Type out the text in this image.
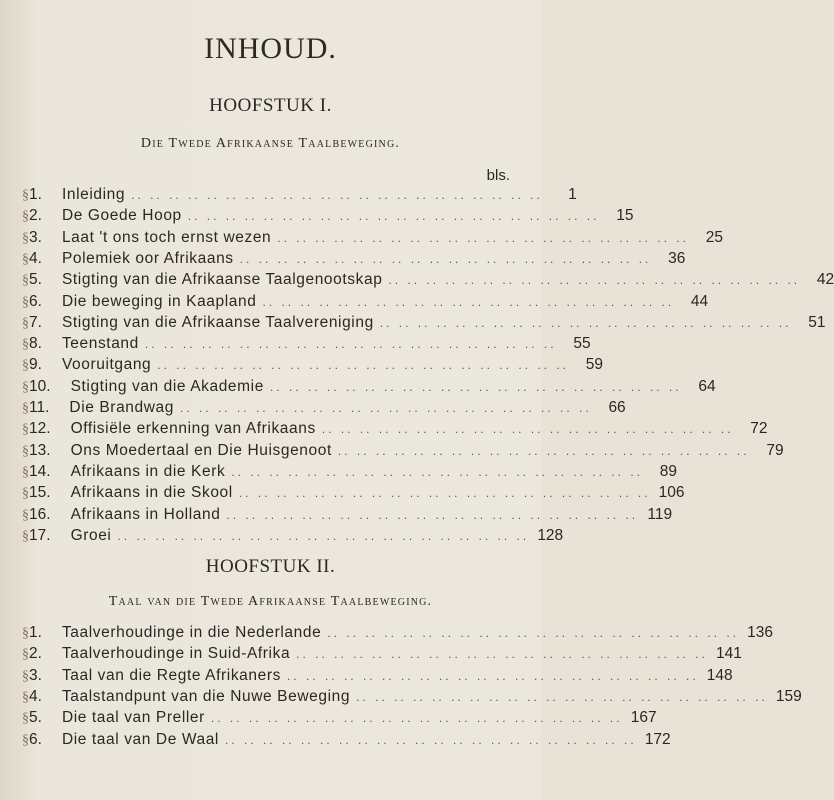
INHOUD.
HOOFSTUK I.
Die Twede Afrikaanse Taalbeweging.
bls.
§ 1.	Inleiding .. .. .. .. .. .. .. .. .. .. .. .. .. .. .. .. .. .. .. .. .. ..	1
§ 2.	De Goede Hoop .. .. .. .. .. .. .. .. .. .. .. .. .. .. .. .. .. .. .. .. .. ..	15
§ 3.	Laat 't ons toch ernst wezen .. .. .. .. .. .. .. .. .. .. .. .. .. .. .. .. .. .. .. .. .. ..	25
§ 4.	Polemiek oor Afrikaans .. .. .. .. .. .. .. .. .. .. .. .. .. .. .. .. .. .. .. .. .. ..	36
§ 5.	Stigting van die Afrikaanse Taalgenootskap .. .. .. .. .. .. .. .. .. .. .. .. .. .. .. .. .. .. .. .. .. ..	42
§ 6.	Die beweging in Kaapland .. .. .. .. .. .. .. .. .. .. .. .. .. .. .. .. .. .. .. .. .. ..	44
§ 7.	Stigting van die Afrikaanse Taalvereniging .. .. .. .. .. .. .. .. .. .. .. .. .. .. .. .. .. .. .. .. .. ..	51
§ 8.	Teenstand .. .. .. .. .. .. .. .. .. .. .. .. .. .. .. .. .. .. .. .. .. ..	55
§ 9.	Vooruitgang .. .. .. .. .. .. .. .. .. .. .. .. .. .. .. .. .. .. .. .. .. ..	59
§ 10.	Stigting van die Akademie .. .. .. .. .. .. .. .. .. .. .. .. .. .. .. .. .. .. .. .. .. ..	64
§ 11.	Die Brandwag .. .. .. .. .. .. .. .. .. .. .. .. .. .. .. .. .. .. .. .. .. ..	66
§ 12.	Offisiële erkenning van Afrikaans .. .. .. .. .. .. .. .. .. .. .. .. .. .. .. .. .. .. .. .. .. ..	72
§ 13.	Ons Moedertaal en Die Huisgenoot .. .. .. .. .. .. .. .. .. .. .. .. .. .. .. .. .. .. .. .. .. ..	79
§ 14.	Afrikaans in die Kerk .. .. .. .. .. .. .. .. .. .. .. .. .. .. .. .. .. .. .. .. .. ..	89
§ 15.	Afrikaans in die Skool .. .. .. .. .. .. .. .. .. .. .. .. .. .. .. .. .. .. .. .. .. .. 106
§ 16.	Afrikaans in Holland .. .. .. .. .. .. .. .. .. .. .. .. .. .. .. .. .. .. .. .. .. .. 119
§ 17.	Groei .. .. .. .. .. .. .. .. .. .. .. .. .. .. .. .. .. .. .. .. .. .. 128
HOOFSTUK II.
Taal van die Twede Afrikaanse Taalbeweging.
§ 1.	Taalverhoudinge in die Nederlande .. .. .. .. .. .. .. .. .. .. .. .. .. .. .. .. .. .. .. .. .. .. 136
§ 2.	Taalverhoudinge in Suid-Afrika .. .. .. .. .. .. .. .. .. .. .. .. .. .. .. .. .. .. .. .. .. .. 141
§ 3.	Taal van die Regte Afrikaners .. .. .. .. .. .. .. .. .. .. .. .. .. .. .. .. .. .. .. .. .. .. 148
§ 4.	Taalstandpunt van die Nuwe Beweging .. .. .. .. .. .. .. .. .. .. .. .. .. .. .. .. .. .. .. .. .. .. 159
§ 5.	Die taal van Preller .. .. .. .. .. .. .. .. .. .. .. .. .. .. .. .. .. .. .. .. .. .. 167
§ 6.	Die taal van De Waal .. .. .. .. .. .. .. .. .. .. .. .. .. .. .. .. .. .. .. .. .. .. 172
